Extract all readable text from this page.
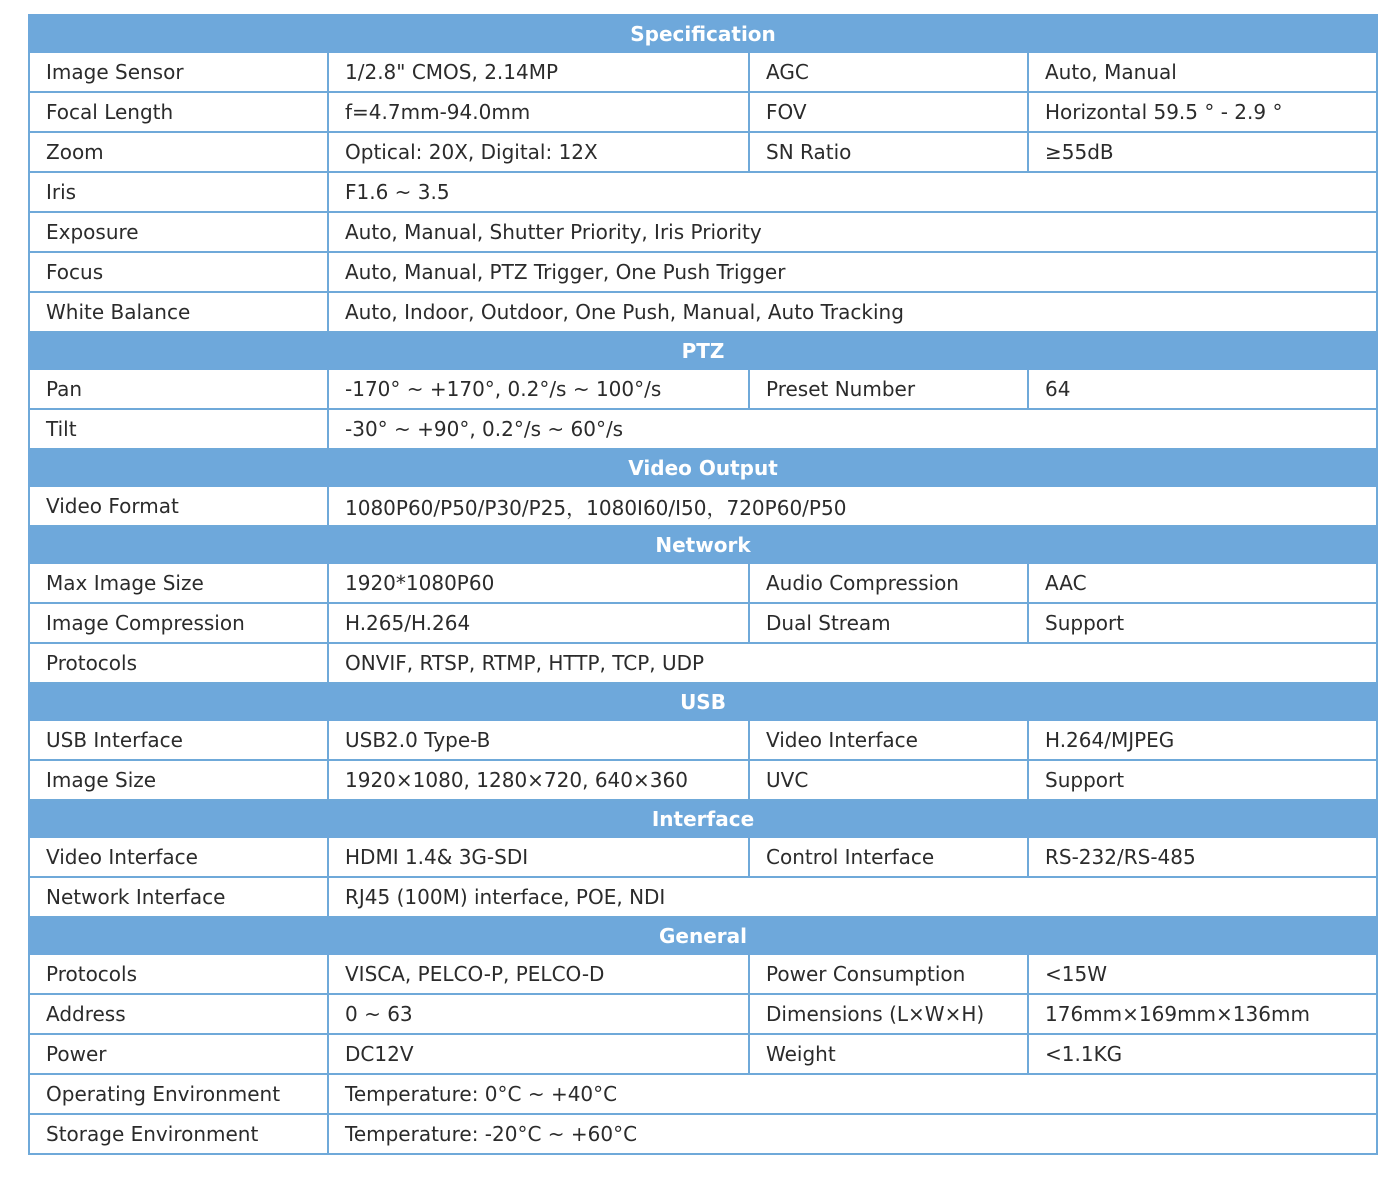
Specification			
Image Sensor	1/2.8" CMOS, 2.14MP	AGC	Auto, Manual
Focal Length	f=4.7mm-94.0mm	FOV	Horizontal 59.5 ° - 2.9 °
Zoom	Optical: 20X, Digital: 12X	SN Ratio	≥55dB
Iris	F1.6 ~ 3.5		
Exposure	Auto, Manual, Shutter Priority, Iris Priority		
Focus	Auto, Manual, PTZ Trigger, One Push Trigger		
White Balance	Auto, Indoor, Outdoor, One Push, Manual, Auto Tracking		
PTZ			
Pan	-170° ~ +170°, 0.2°/s ~ 100°/s	Preset Number	64
Tilt	-30° ~ +90°, 0.2°/s ~ 60°/s		
Video Output			
Video Format	1080P60/P50/P30/P25，1080I60/I50，720P60/P50		
Network			
Max Image Size	1920*1080P60	Audio Compression	AAC
Image Compression	H.265/H.264	Dual Stream	Support
Protocols	ONVIF, RTSP, RTMP, HTTP, TCP, UDP		
USB			
USB Interface	USB2.0 Type-B	Video Interface	H.264/MJPEG
Image Size	1920×1080, 1280×720, 640×360	UVC	Support
Interface			
Video Interface	HDMI 1.4& 3G-SDI	Control Interface	RS-232/RS-485
Network Interface	RJ45 (100M) interface, POE, NDI		
General			
Protocols	VISCA, PELCO-P, PELCO-D	Power Consumption	<15W
Address	0 ~ 63	Dimensions (L×W×H)	176mm×169mm×136mm
Power	DC12V	Weight	<1.1KG
Operating Environment	Temperature: 0°C ~ +40°C		
Storage Environment	Temperature: -20°C ~ +60°C		
